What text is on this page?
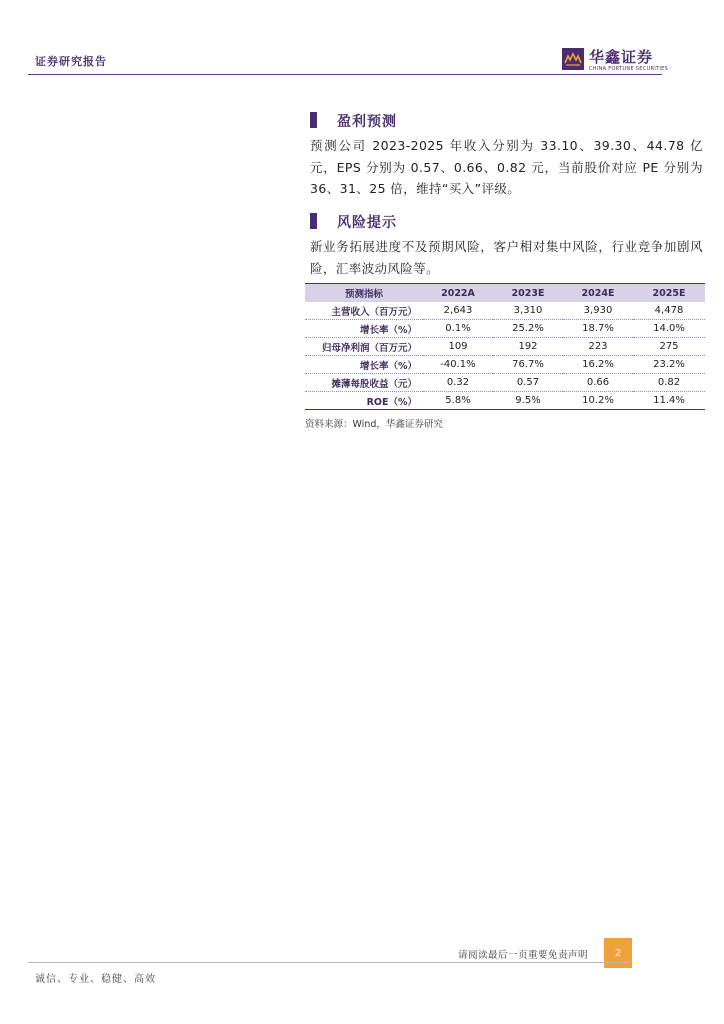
证券研究报告	华鑫证券
CHINA FORTUNE SECURITIES
盈利预测
预测公司 2023-2025 年收入分别为 33.10、39.30、44.78 亿元，EPS 分别为 0.57、0.66、0.82 元，当前股价对应 PE 分别为 36、31、25 倍，维持“买入”评级。
风险提示
新业务拓展进度不及预期风险，客户相对集中风险，行业竞争加剧风险，汇率波动风险等。
预测指标	2022A	2023E	2024E	2025E
主营收入（百万元）	2,643	3,310	3,930	4,478
增长率（%）	0.1%	25.2%	18.7%	14.0%
归母净利润（百万元）	109	192	223	275
增长率（%）	-40.1%	76.7%	16.2%	23.2%
摊薄每股收益（元）	0.32	0.57	0.66	0.82
ROE（%）	5.8%	9.5%	10.2%	11.4%
资料来源：Wind，华鑫证券研究
请阅读最后一页重要免责声明	2
诚信、专业、稳健、高效
